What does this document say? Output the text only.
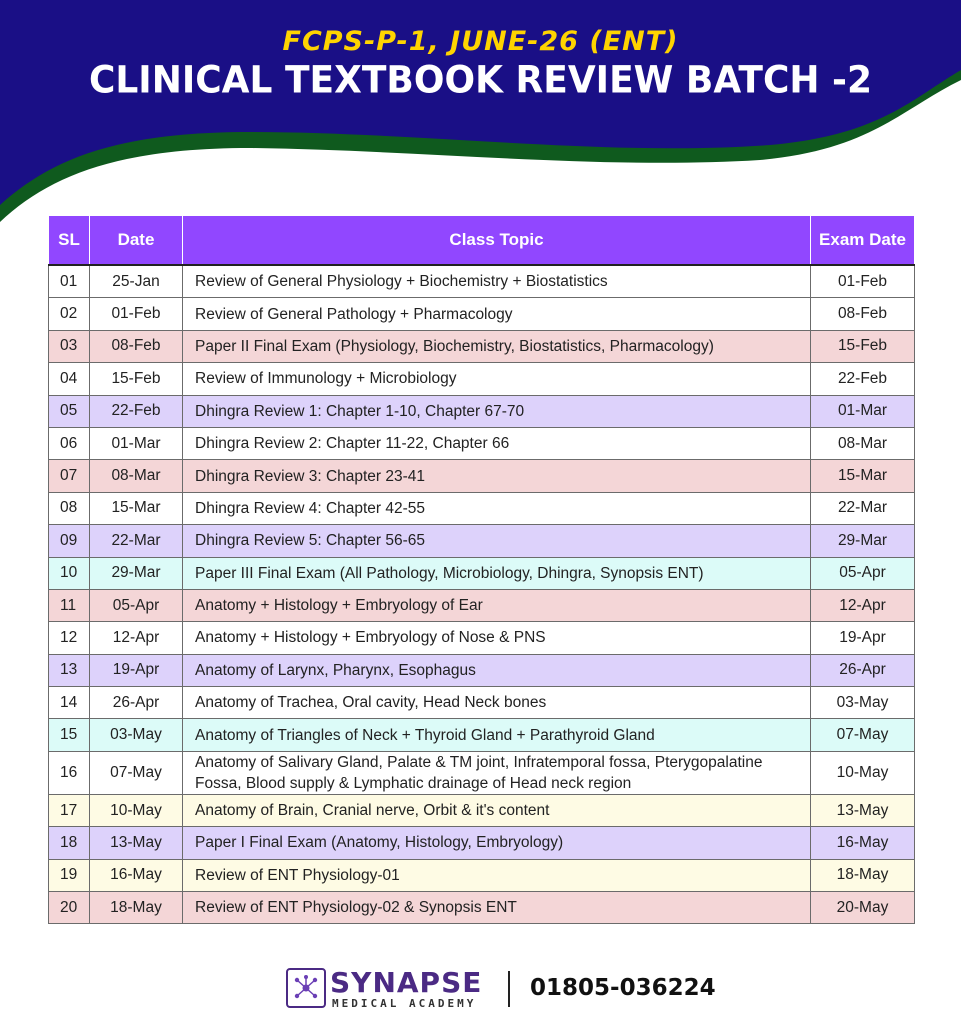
FCPS-P-1, JUNE-26 (ENT)
CLINICAL TEXTBOOK REVIEW BATCH -2
SL	Date	Class Topic	Exam Date
01	25-Jan	Review of General Physiology + Biochemistry + Biostatistics	01-Feb
02	01-Feb	Review of General Pathology + Pharmacology	08-Feb
03	08-Feb	Paper II Final Exam (Physiology, Biochemistry, Biostatistics, Pharmacology)	15-Feb
04	15-Feb	Review of Immunology + Microbiology	22-Feb
05	22-Feb	Dhingra Review 1: Chapter 1-10, Chapter 67-70	01-Mar
06	01-Mar	Dhingra Review 2: Chapter 11-22, Chapter 66	08-Mar
07	08-Mar	Dhingra Review 3: Chapter 23-41	15-Mar
08	15-Mar	Dhingra Review 4: Chapter 42-55	22-Mar
09	22-Mar	Dhingra Review 5: Chapter 56-65	29-Mar
10	29-Mar	Paper III Final Exam (All Pathology, Microbiology, Dhingra, Synopsis ENT)	05-Apr
11	05-Apr	Anatomy + Histology + Embryology of Ear	12-Apr
12	12-Apr	Anatomy + Histology + Embryology of Nose & PNS	19-Apr
13	19-Apr	Anatomy of Larynx, Pharynx, Esophagus	26-Apr
14	26-Apr	Anatomy of Trachea, Oral cavity, Head Neck bones	03-May
15	03-May	Anatomy of Triangles of Neck + Thyroid Gland + Parathyroid Gland	07-May
16	07-May	Anatomy of Salivary Gland, Palate & TM joint, Infratemporal fossa, Pterygopalatine Fossa, Blood supply & Lymphatic drainage of Head neck region	10-May
17	10-May	Anatomy of Brain, Cranial nerve, Orbit & it's content	13-May
18	13-May	Paper I Final Exam (Anatomy, Histology, Embryology)	16-May
19	16-May	Review of ENT Physiology-01	18-May
20	18-May	Review of ENT Physiology-02 & Synopsis ENT	20-May
SYNAPSE
MEDICAL ACADEMY
01805-036224
